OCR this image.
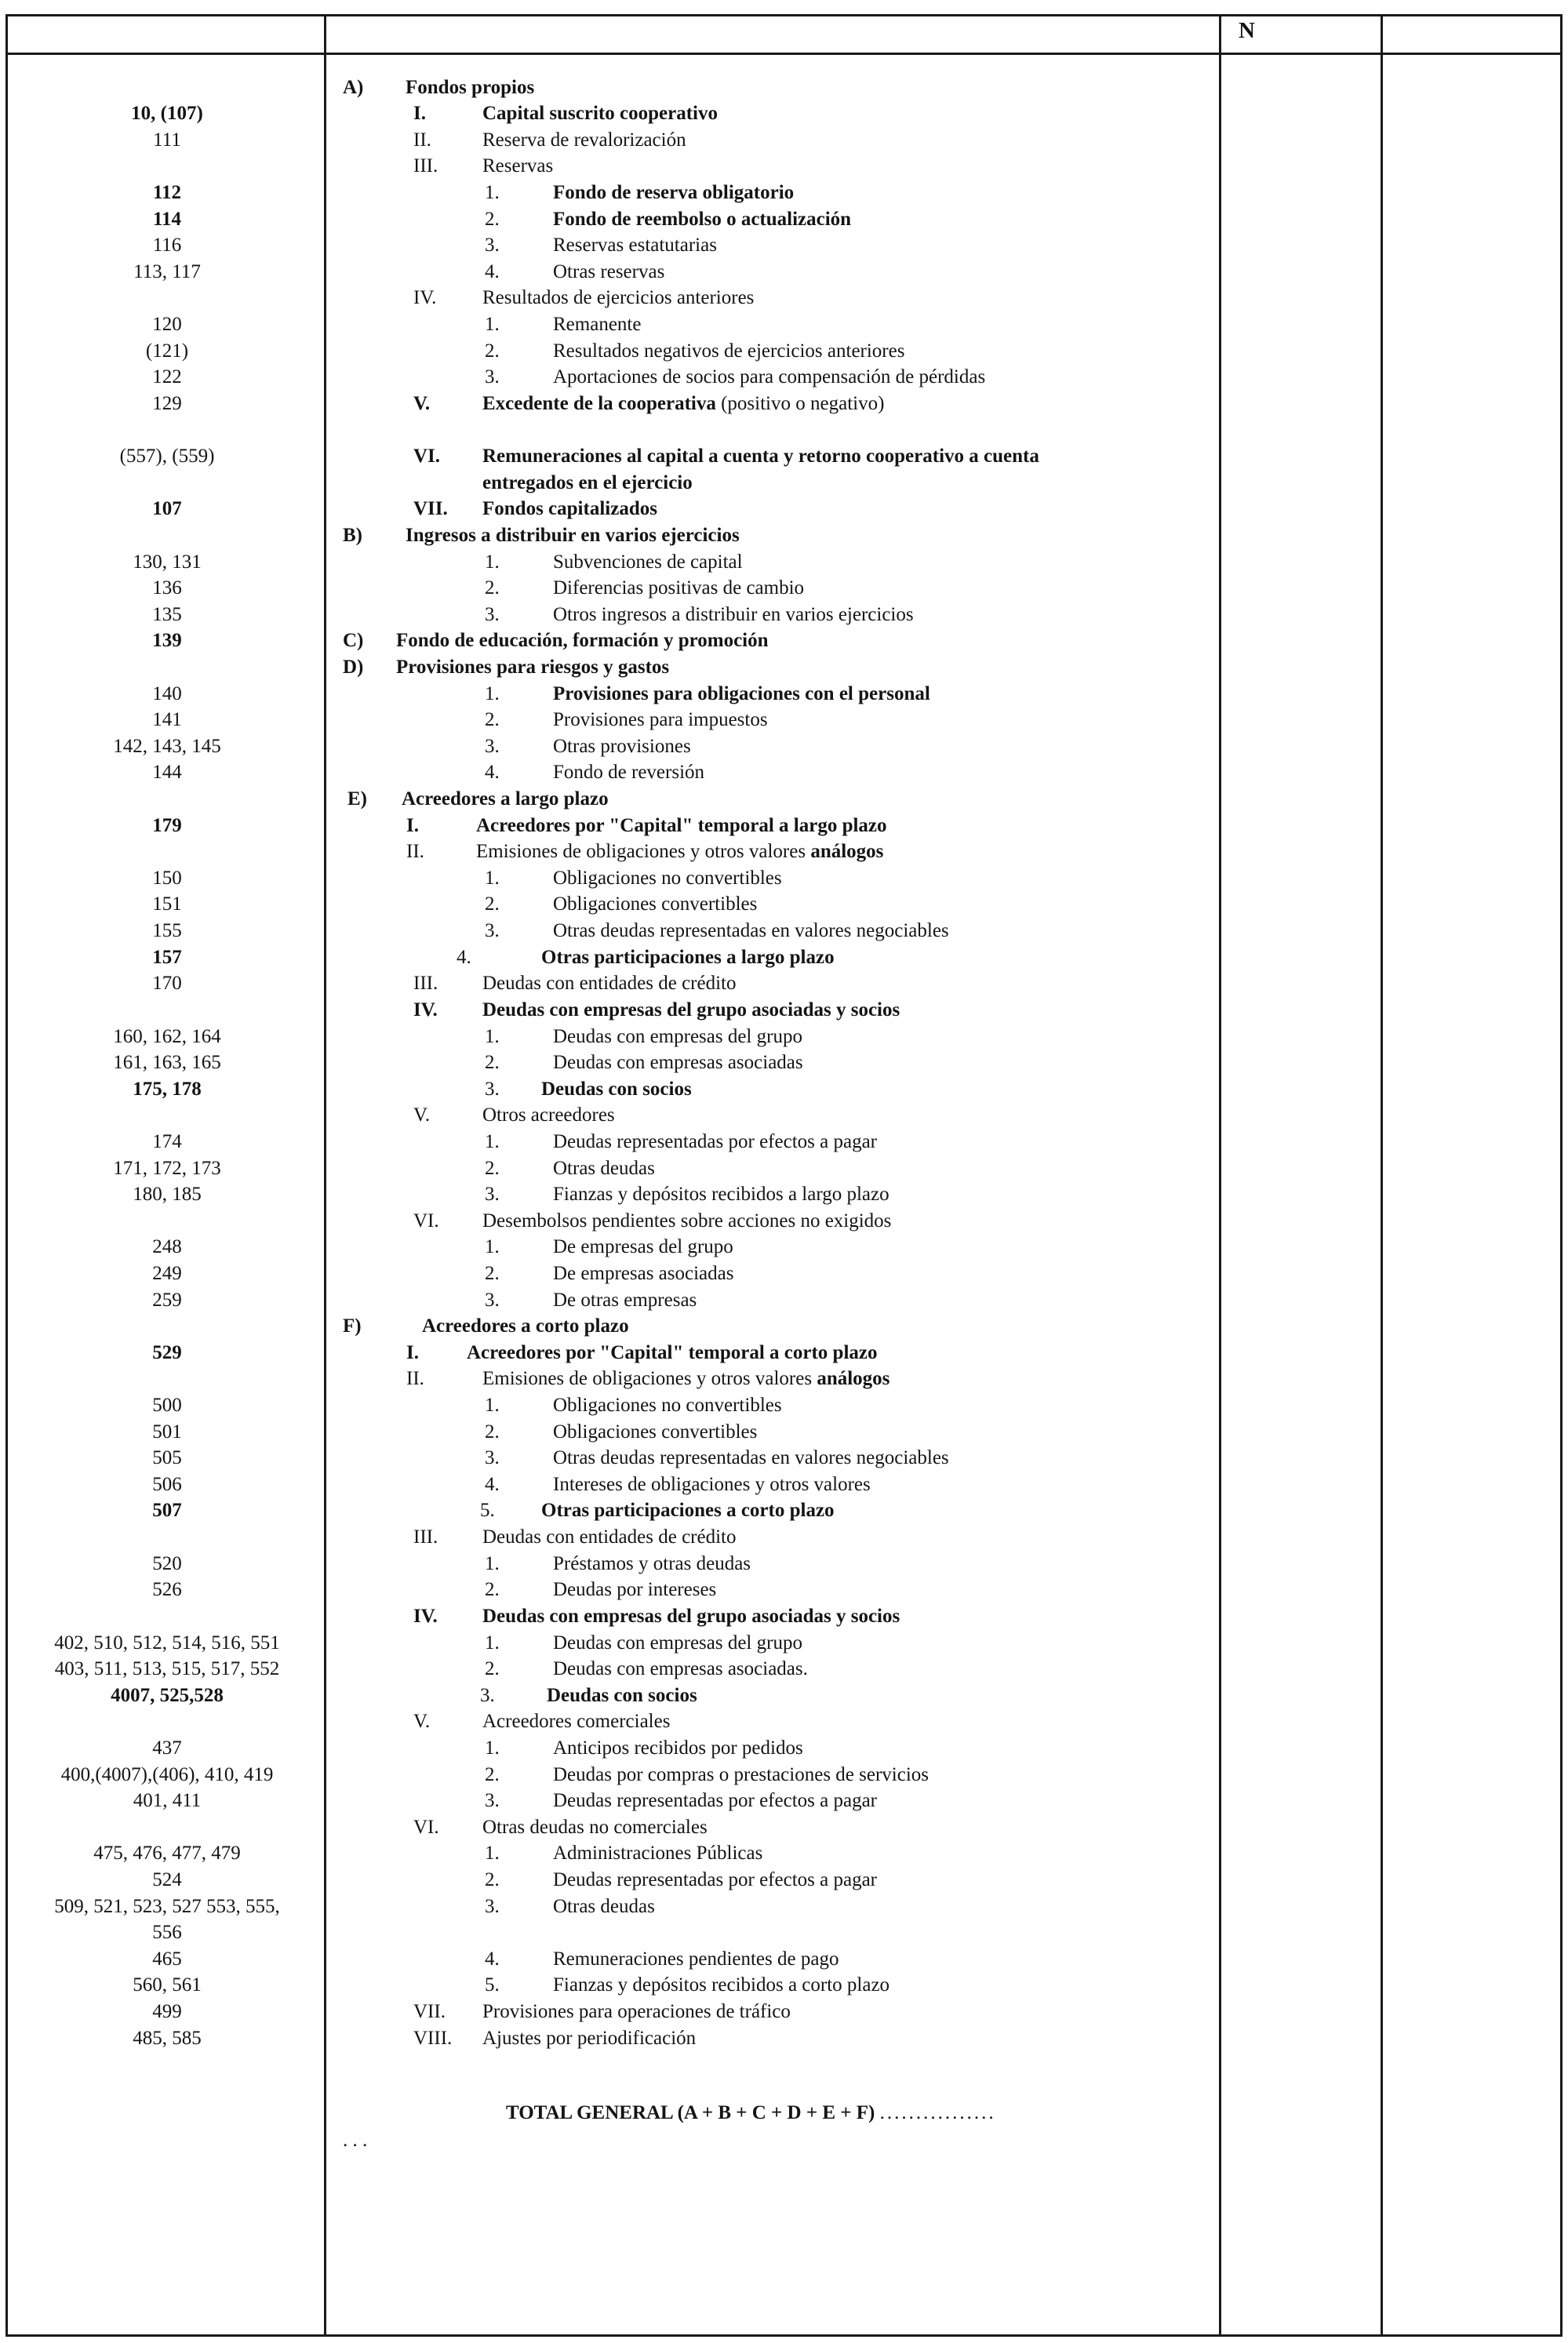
N
A) Fondos propios
10, (107)	I.	Capital suscrito cooperativo
111	II.	Reserva de revalorización
III. Reservas
112	1.	Fondo de reserva obligatorio
114	2.	Fondo de reembolso o actualización
116	3.	Reservas estatutarias
113, 117	4.	Otras reservas
IV. Resultados de ejercicios anteriores
120	1.	Remanente
(121)	2.	Resultados negativos de ejercicios anteriores
122	3.	Aportaciones de socios para compensación de pérdidas
129	V.	Excedente de la cooperativa (positivo o negativo)
(557), (559)	VI. Remuneraciones al capital a cuenta y retorno cooperativo a cuenta
entregados en el ejercicio
107	VII. Fondos capitalizados
B) Ingresos a distribuir en varios ejercicios
130, 131	1.	Subvenciones de capital
136	2.	Diferencias positivas de cambio
135	3.	Otros ingresos a distribuir en varios ejercicios
139	C) Fondo de educación, formación y promoción
D) Provisiones para riesgos y gastos
140	1.	Provisiones para obligaciones con el personal
141	2.	Provisiones para impuestos
142, 143, 145	3.	Otras provisiones
144	4.	Fondo de reversión
E) Acreedores a largo plazo
179	I.	Acreedores por "Capital" temporal a largo plazo
II.	Emisiones de obligaciones y otros valores análogos
150	1.	Obligaciones no convertibles
151	2.	Obligaciones convertibles
155	3.	Otras deudas representadas en valores negociables
157	4.	Otras participaciones a largo plazo
170	III. Deudas con entidades de crédito
IV. Deudas con empresas del grupo asociadas y socios
160, 162, 164	1.	Deudas con empresas del grupo
161, 163, 165	2.	Deudas con empresas asociadas
175, 178	3. Deudas con socios
V.	Otros acreedores
174	1.	Deudas representadas por efectos a pagar
171, 172, 173	2.	Otras deudas
180, 185	3.	Fianzas y depósitos recibidos a largo plazo
VI. Desembolsos pendientes sobre acciones no exigidos
248	1.	De empresas del grupo
249	2.	De empresas asociadas
259	3.	De otras empresas
F)	Acreedores a corto plazo
529	I. Acreedores por "Capital" temporal a corto plazo
II.	Emisiones de obligaciones y otros valores análogos
500	1.	Obligaciones no convertibles
501	2.	Obligaciones convertibles
505	3.	Otras deudas representadas en valores negociables
506	4.	Intereses de obligaciones y otros valores
507	5. Otras participaciones a corto plazo
III. Deudas con entidades de crédito
520	1.	Préstamos y otras deudas
526	2.	Deudas por intereses
IV. Deudas con empresas del grupo asociadas y socios
402, 510, 512, 514, 516, 551	1.	Deudas con empresas del grupo
403, 511, 513, 515, 517, 552	2.	Deudas con empresas asociadas.
4007, 525,528	3.	Deudas con socios
V.	Acreedores comerciales
437	1.	Anticipos recibidos por pedidos
400,(4007),(406), 410, 419	2.	Deudas por compras o prestaciones de servicios
401, 411	3.	Deudas representadas por efectos a pagar
VI. Otras deudas no comerciales
475, 476, 477, 479	1.	Administraciones Públicas
524	2.	Deudas representadas por efectos a pagar
509, 521, 523, 527 553, 555,	3.	Otras deudas
556
465	4.	Remuneraciones pendientes de pago
560, 561	5.	Fianzas y depósitos recibidos a corto plazo
499	VII. Provisiones para operaciones de tráfico
485, 585	VIII. Ajustes por periodificación
TOTAL GENERAL (A + B + C + D + E + F) ................
. . .
